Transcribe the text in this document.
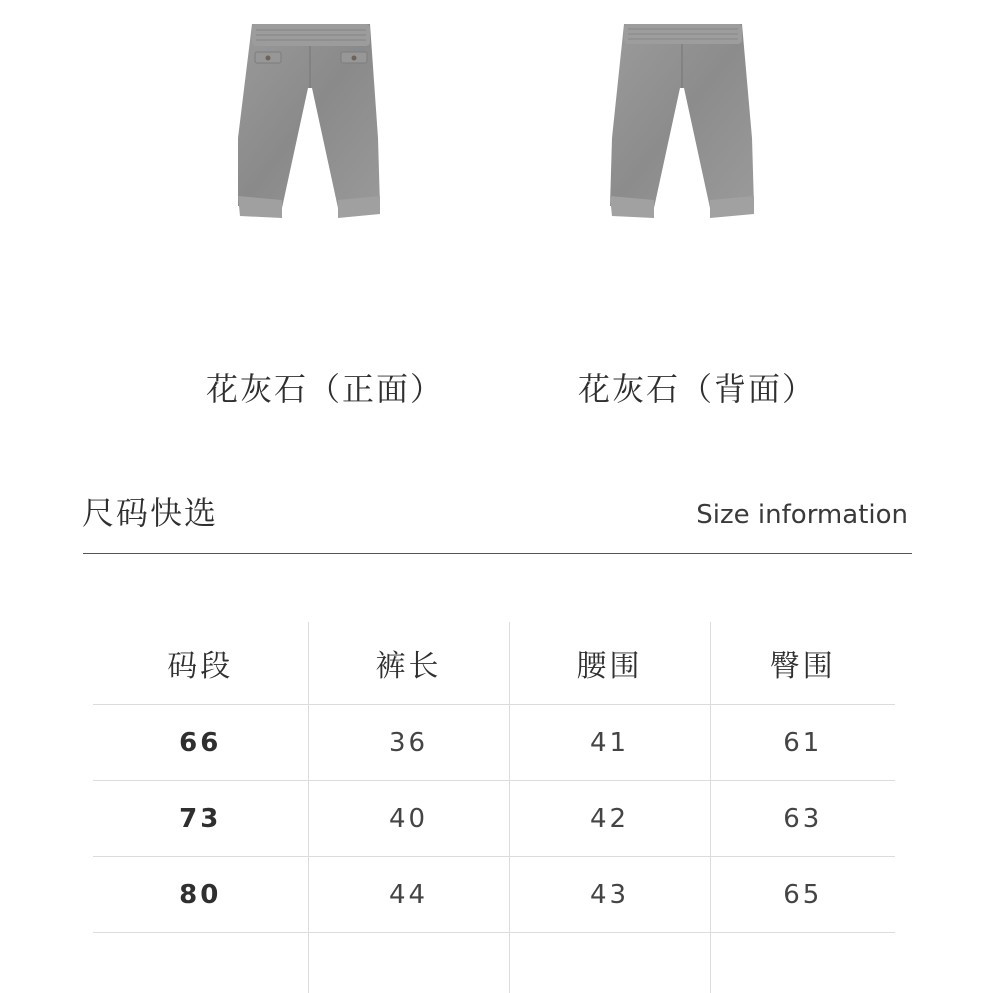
花灰石（正面）	花灰石（背面）
尺码快选	Size information
码段	裤长	腰围	臀围
66	36	41	61
73	40	42	63
80	44	43	65
